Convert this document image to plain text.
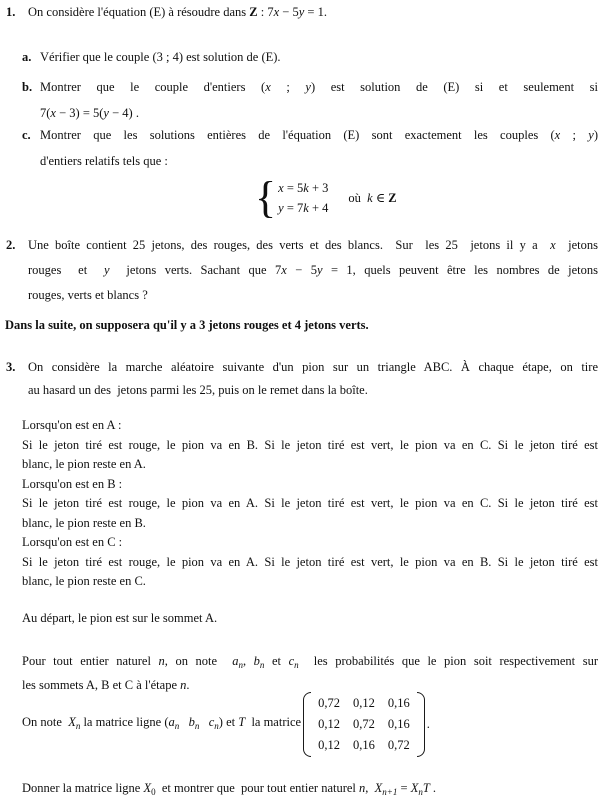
1. On considère l'équation (E) à résoudre dans Z : 7x − 5y = 1.
a. Vérifier que le couple (3 ; 4) est solution de (E).
b. Montrer que le couple d'entiers (x ; y) est solution de (E) si et seulement si
7(x − 3) = 5(y − 4) .
c. Montrer que les solutions entières de l'équation (E) sont exactement les couples (x ; y)
d'entiers relatifs tels que :
{ x = 5k + 3
y = 7k + 4
où  k ∈ Z
2. Une boîte contient 25 jetons, des rouges, des verts et des blancs.  Sur  les 25  jetons il y a  x  jetons
rouges  et  y  jetons verts. Sachant que 7x − 5y = 1, quels peuvent être les nombres de jetons
rouges, verts et blancs ?
Dans la suite, on supposera qu'il y a 3 jetons rouges et 4 jetons verts.
3. On considère la marche aléatoire suivante d'un pion sur un triangle ABC. À chaque étape, on tire
au hasard un des  jetons parmi les 25, puis on le remet dans la boîte.
Lorsqu'on est en A :
Si le jeton tiré est rouge, le pion va en B. Si le jeton tiré est vert, le pion va en C. Si le jeton tiré est
blanc, le pion reste en A.
Lorsqu'on est en B :
Si le jeton tiré est rouge, le pion va en A. Si le jeton tiré est vert, le pion va en C. Si le jeton tiré est
blanc, le pion reste en B.
Lorsqu'on est en C :
Si le jeton tiré est rouge, le pion va en A. Si le jeton tiré est vert, le pion va en B. Si le jeton tiré est
blanc, le pion reste en C.
Au départ, le pion est sur le sommet A.
Pour tout entier naturel n, on note  $a_n$, $b_n$ et $c_n$  les probabilités que le pion soit respectivement sur
les sommets A, B et C à l'étape n.
On note  $X_n$ la matrice ligne ($a_n$ $b_n$ $c_n$) et T  la matrice
0,72 0,12 0,16
0,12 0,72 0,16
0,12 0,16 0,72
.
Donner la matrice ligne $X_0$  et montrer que  pour tout entier naturel n,  $X_{n+1} = X_nT$ .
